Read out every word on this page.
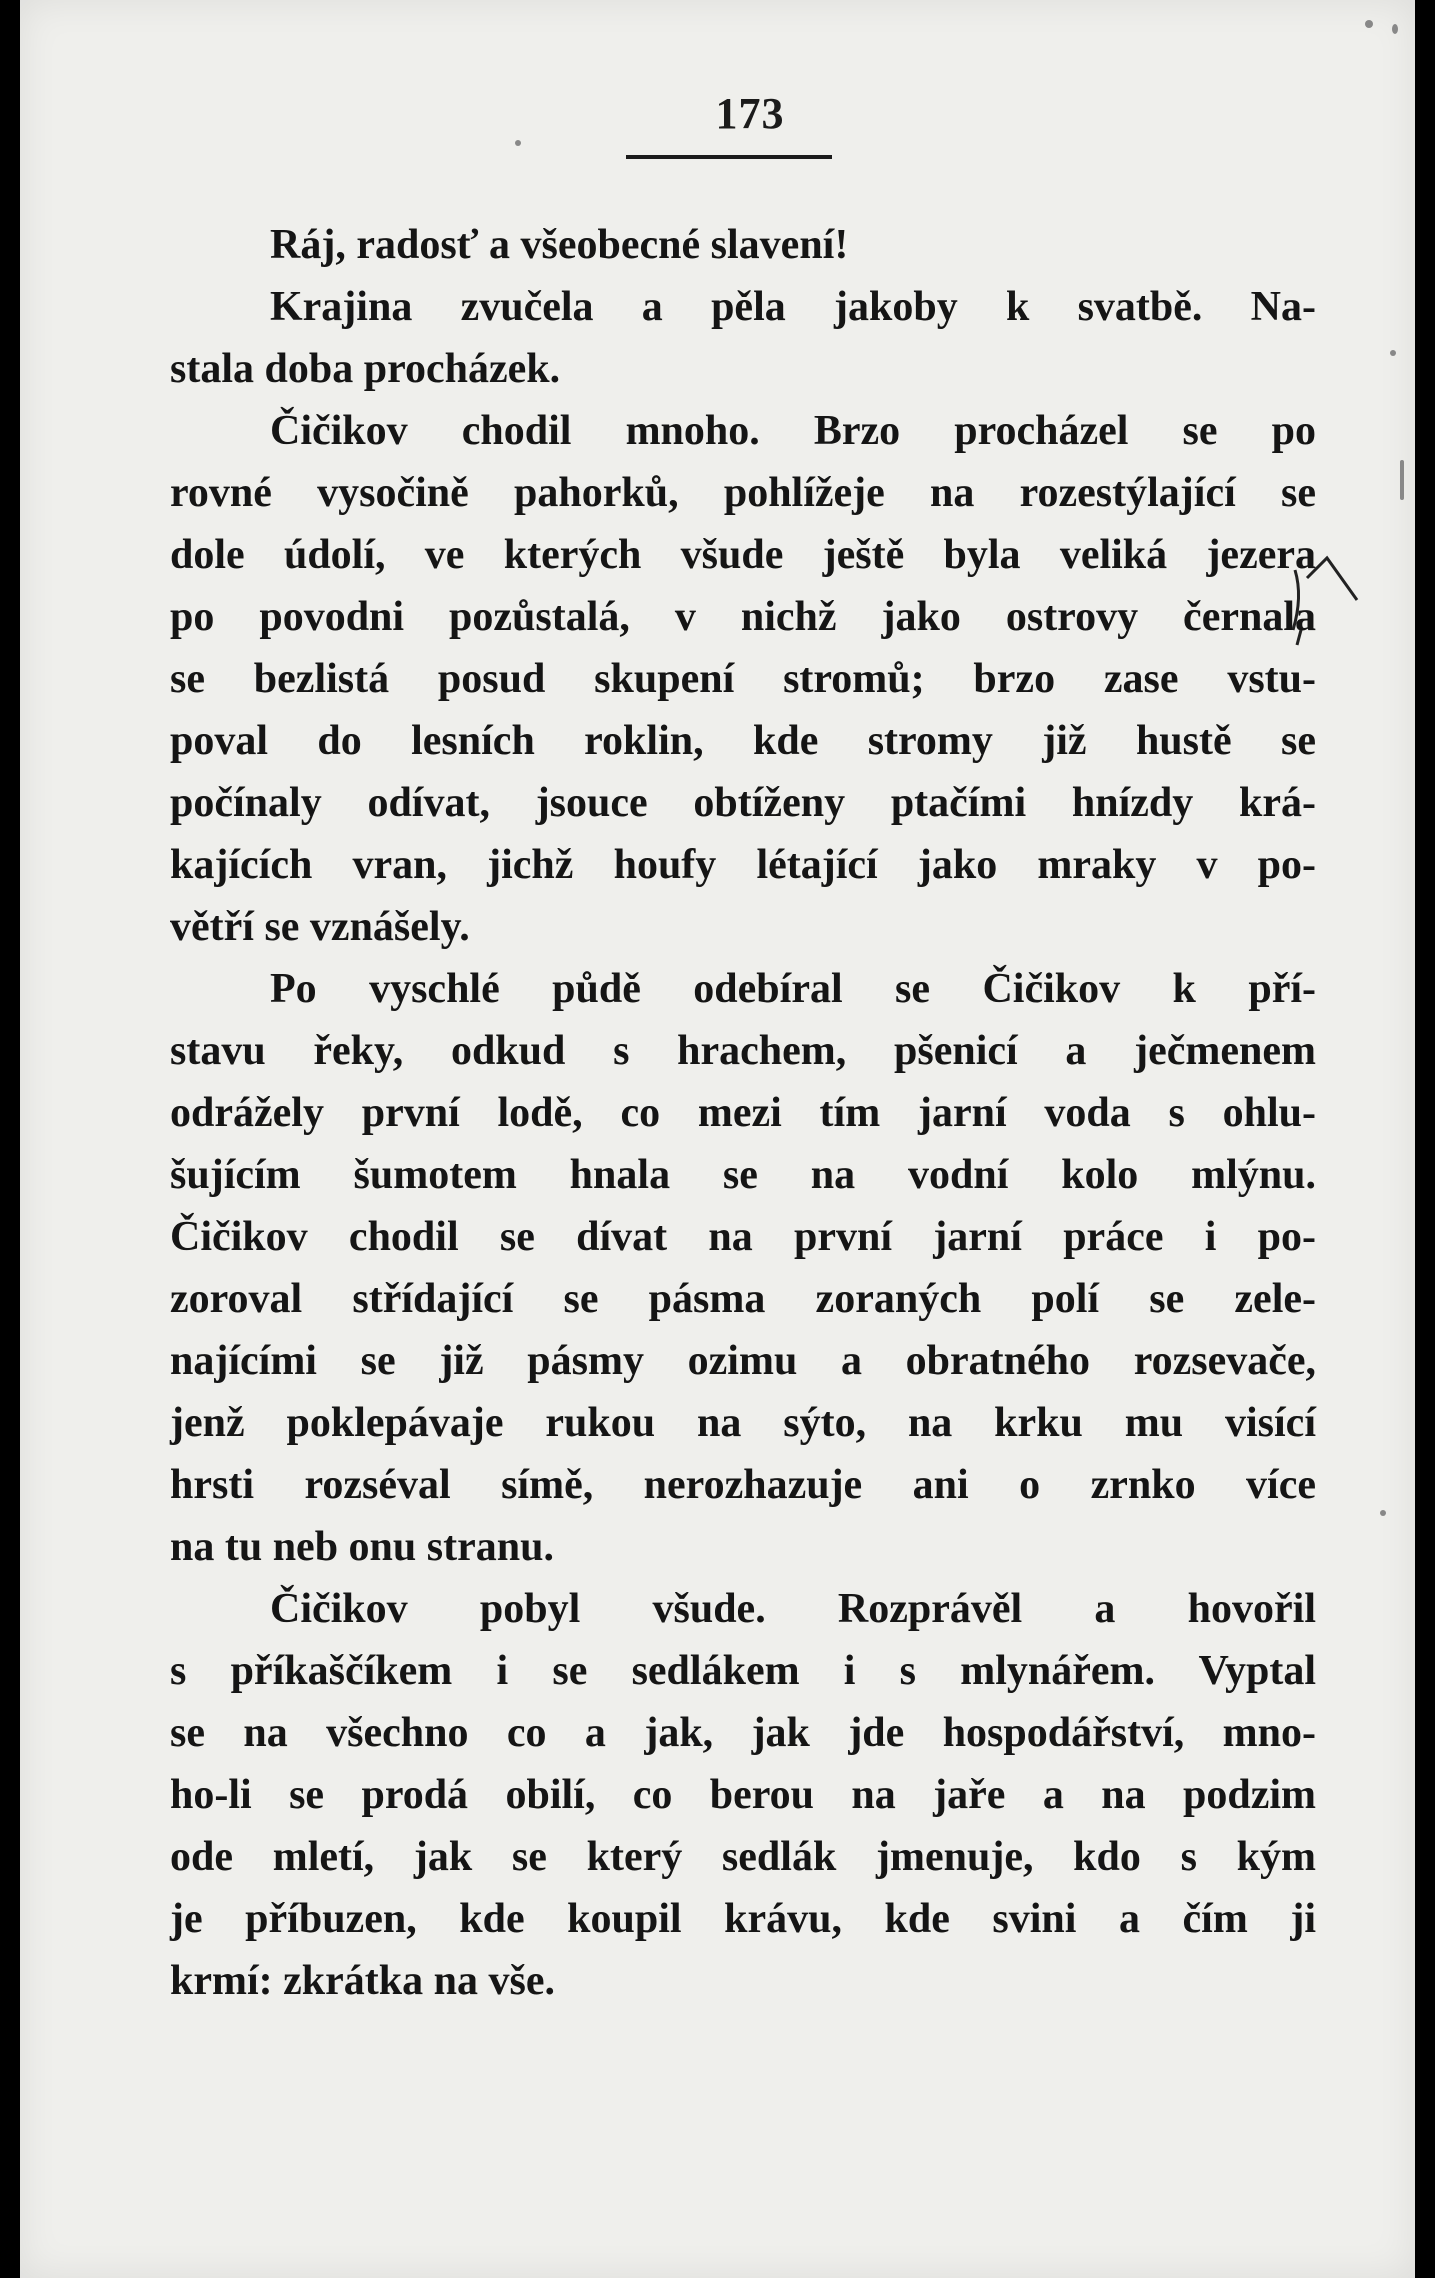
173
Ráj, radosť a všeobecné slavení!
Krajina zvučela a pěla jakoby k svatbě. Na-
stala doba procházek.
Čičikov chodil mnoho. Brzo procházel se po
rovné vysočině pahorků, pohlížeje na rozestýlající se
dole údolí, ve kterých všude ještě byla veliká jezera
po povodni pozůstalá, v nichž jako ostrovy černala
se bezlistá posud skupení stromů; brzo zase vstu-
poval do lesních roklin, kde stromy již hustě se
počínaly odívat, jsouce obtíženy ptačími hnízdy krá-
kajících vran, jichž houfy létající jako mraky v po-
větří se vznášely.
Po vyschlé půdě odebíral se Čičikov k pří-
stavu řeky, odkud s hrachem, pšenicí a ječmenem
odrážely první lodě, co mezi tím jarní voda s ohlu-
šujícím šumotem hnala se na vodní kolo mlýnu.
Čičikov chodil se dívat na první jarní práce i po-
zoroval střídající se pásma zoraných polí se zele-
najícími se již pásmy ozimu a obratného rozsevače,
jenž poklepávaje rukou na sýto, na krku mu visící
hrsti rozséval símě, nerozhazuje ani o zrnko více
na tu neb onu stranu.
Čičikov pobyl všude. Rozprávěl a hovořil
s příkaščíkem i se sedlákem i s mlynářem. Vyptal
se na všechno co a jak, jak jde hospodářství, mno-
ho-li se prodá obilí, co berou na jaře a na podzim
ode mletí, jak se který sedlák jmenuje, kdo s kým
je příbuzen, kde koupil krávu, kde svini a čím ji
krmí: zkrátka na vše.
